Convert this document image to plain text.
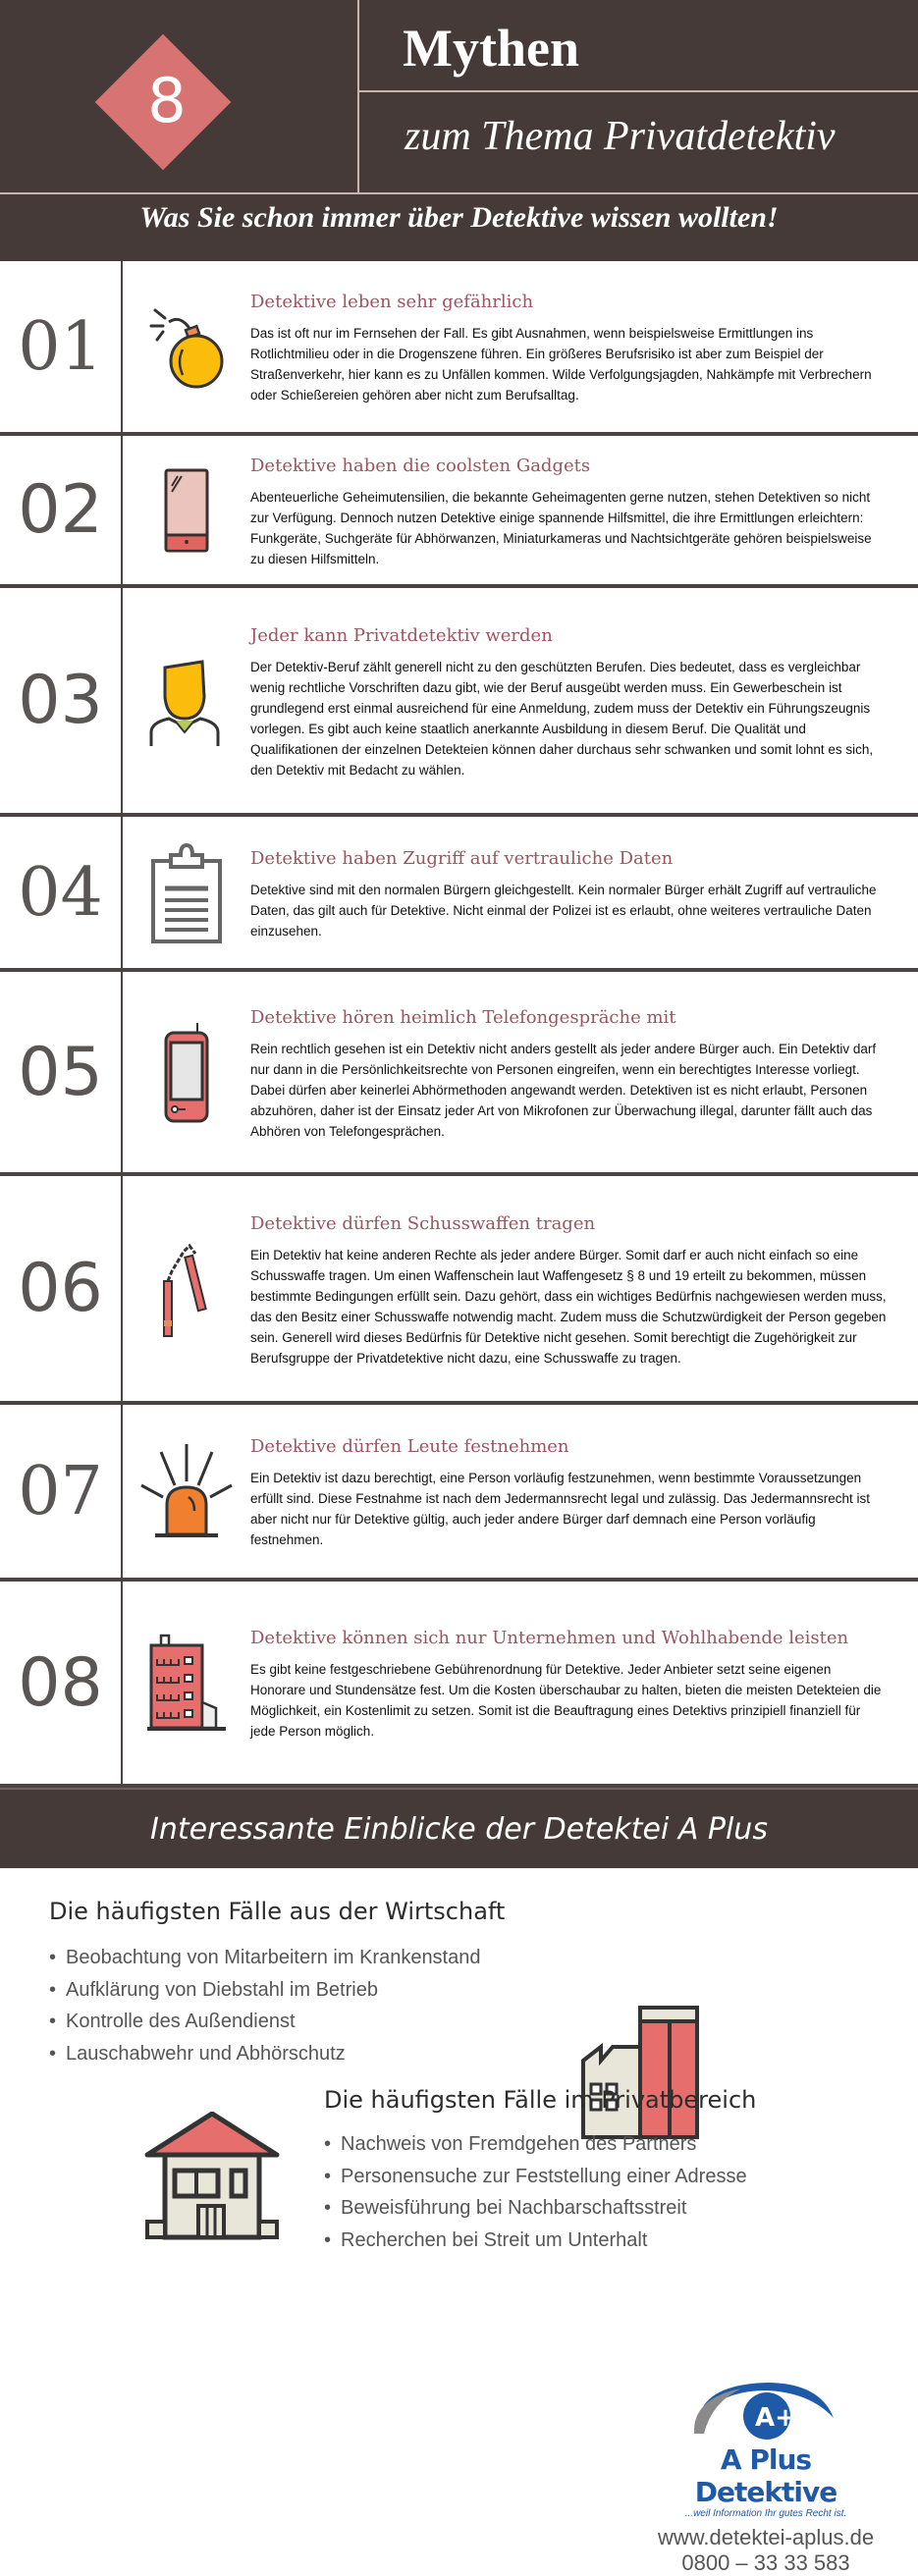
8
Mythen
zum Thema Privatdetektiv
Was Sie schon immer über Detektive wissen wollten!
01
Detektive leben sehr gefährlich
Das ist oft nur im Fernsehen der Fall. Es gibt Ausnahmen, wenn beispielsweise Ermittlungen ins Rotlichtmilieu oder in die Drogenszene führen. Ein größeres Berufsrisiko ist aber zum Beispiel der Straßenverkehr, hier kann es zu Unfällen kommen. Wilde Verfolgungsjagden, Nahkämpfe mit Verbrechern oder Schießereien gehören aber nicht zum Berufsalltag.
02
Detektive haben die coolsten Gadgets
Abenteuerliche Geheimutensilien, die bekannte Geheimagenten gerne nutzen, stehen Detektiven so nicht zur Verfügung. Dennoch nutzen Detektive einige spannende Hilfsmittel, die ihre Ermittlungen erleichtern: Funkgeräte, Suchgeräte für Abhörwanzen, Miniaturkameras und Nachtsichtgeräte gehören beispielsweise zu diesen Hilfsmitteln.
03
Jeder kann Privatdetektiv werden
Der Detektiv-Beruf zählt generell nicht zu den geschützten Berufen. Dies bedeutet, dass es vergleichbar wenig rechtliche Vorschriften dazu gibt, wie der Beruf ausgeübt werden muss. Ein Gewerbeschein ist grundlegend erst einmal ausreichend für eine Anmeldung, zudem muss der Detektiv ein Führungszeugnis vorlegen. Es gibt auch keine staatlich anerkannte Ausbildung in diesem Beruf. Die Qualität und Qualifikationen der einzelnen Detekteien können daher durchaus sehr schwanken und somit lohnt es sich, den Detektiv mit Bedacht zu wählen.
04	Detektive haben Zugriff auf vertrauliche Daten
Detektive sind mit den normalen Bürgern gleichgestellt. Kein normaler Bürger erhält Zugriff auf vertrauliche Daten, das gilt auch für Detektive. Nicht einmal der Polizei ist es erlaubt, ohne weiteres vertrauliche Daten einzusehen.
05
Detektive hören heimlich Telefongespräche mit
Rein rechtlich gesehen ist ein Detektiv nicht anders gestellt als jeder andere Bürger auch. Ein Detektiv darf nur dann in die Persönlichkeitsrechte von Personen eingreifen, wenn ein berechtigtes Interesse vorliegt. Dabei dürfen aber keinerlei Abhörmethoden angewandt werden. Detektiven ist es nicht erlaubt, Personen abzuhören, daher ist der Einsatz jeder Art von Mikrofonen zur Überwachung illegal, darunter fällt auch das Abhören von Telefongesprächen.
06
Detektive dürfen Schusswaffen tragen
Ein Detektiv hat keine anderen Rechte als jeder andere Bürger. Somit darf er auch nicht einfach so eine Schusswaffe tragen. Um einen Waffenschein laut Waffengesetz § 8 und 19 erteilt zu bekommen, müssen bestimmte Bedingungen erfüllt sein. Dazu gehört, dass ein wichtiges Bedürfnis nachgewiesen werden muss, das den Besitz einer Schusswaffe notwendig macht. Zudem muss die Schutzwürdigkeit der Person gegeben sein. Generell wird dieses Bedürfnis für Detektive nicht gesehen. Somit berechtigt die Zugehörigkeit zur Berufsgruppe der Privatdetektive nicht dazu, eine Schusswaffe zu tragen.
07
Detektive dürfen Leute festnehmen
Ein Detektiv ist dazu berechtigt, eine Person vorläufig festzunehmen, wenn bestimmte Voraussetzungen erfüllt sind. Diese Festnahme ist nach dem Jedermannsrecht legal und zulässig. Das Jedermannsrecht ist aber nicht nur für Detektive gültig, auch jeder andere Bürger darf demnach eine Person vorläufig festnehmen.
08
Detektive können sich nur Unternehmen und Wohlhabende leisten
Es gibt keine festgeschriebene Gebührenordnung für Detektive. Jeder Anbieter setzt seine eigenen Honorare und Stundensätze fest. Um die Kosten überschaubar zu halten, bieten die meisten Detekteien die Möglichkeit, ein Kostenlimit zu setzen. Somit ist die Beauftragung eines Detektivs prinzipiell finanziell für jede Person möglich.
Interessante Einblicke der Detektei A Plus
Die häufigsten Fälle aus der Wirtschaft
• Beobachtung von Mitarbeitern im Krankenstand
• Aufklärung von Diebstahl im Betrieb
• Kontrolle des Außendienst
• Lauschabwehr und Abhörschutz
Die häufigsten Fälle im Privatbereich
• Nachweis von Fremdgehen des Partners
• Personensuche zur Feststellung einer Adresse
• Beweisführung bei Nachbarschaftsstreit
• Recherchen bei Streit um Unterhalt
A+
A Plus Detektive
...weil Information Ihr gutes Recht ist.
www.detektei-aplus.de
0800 – 33 33 583
